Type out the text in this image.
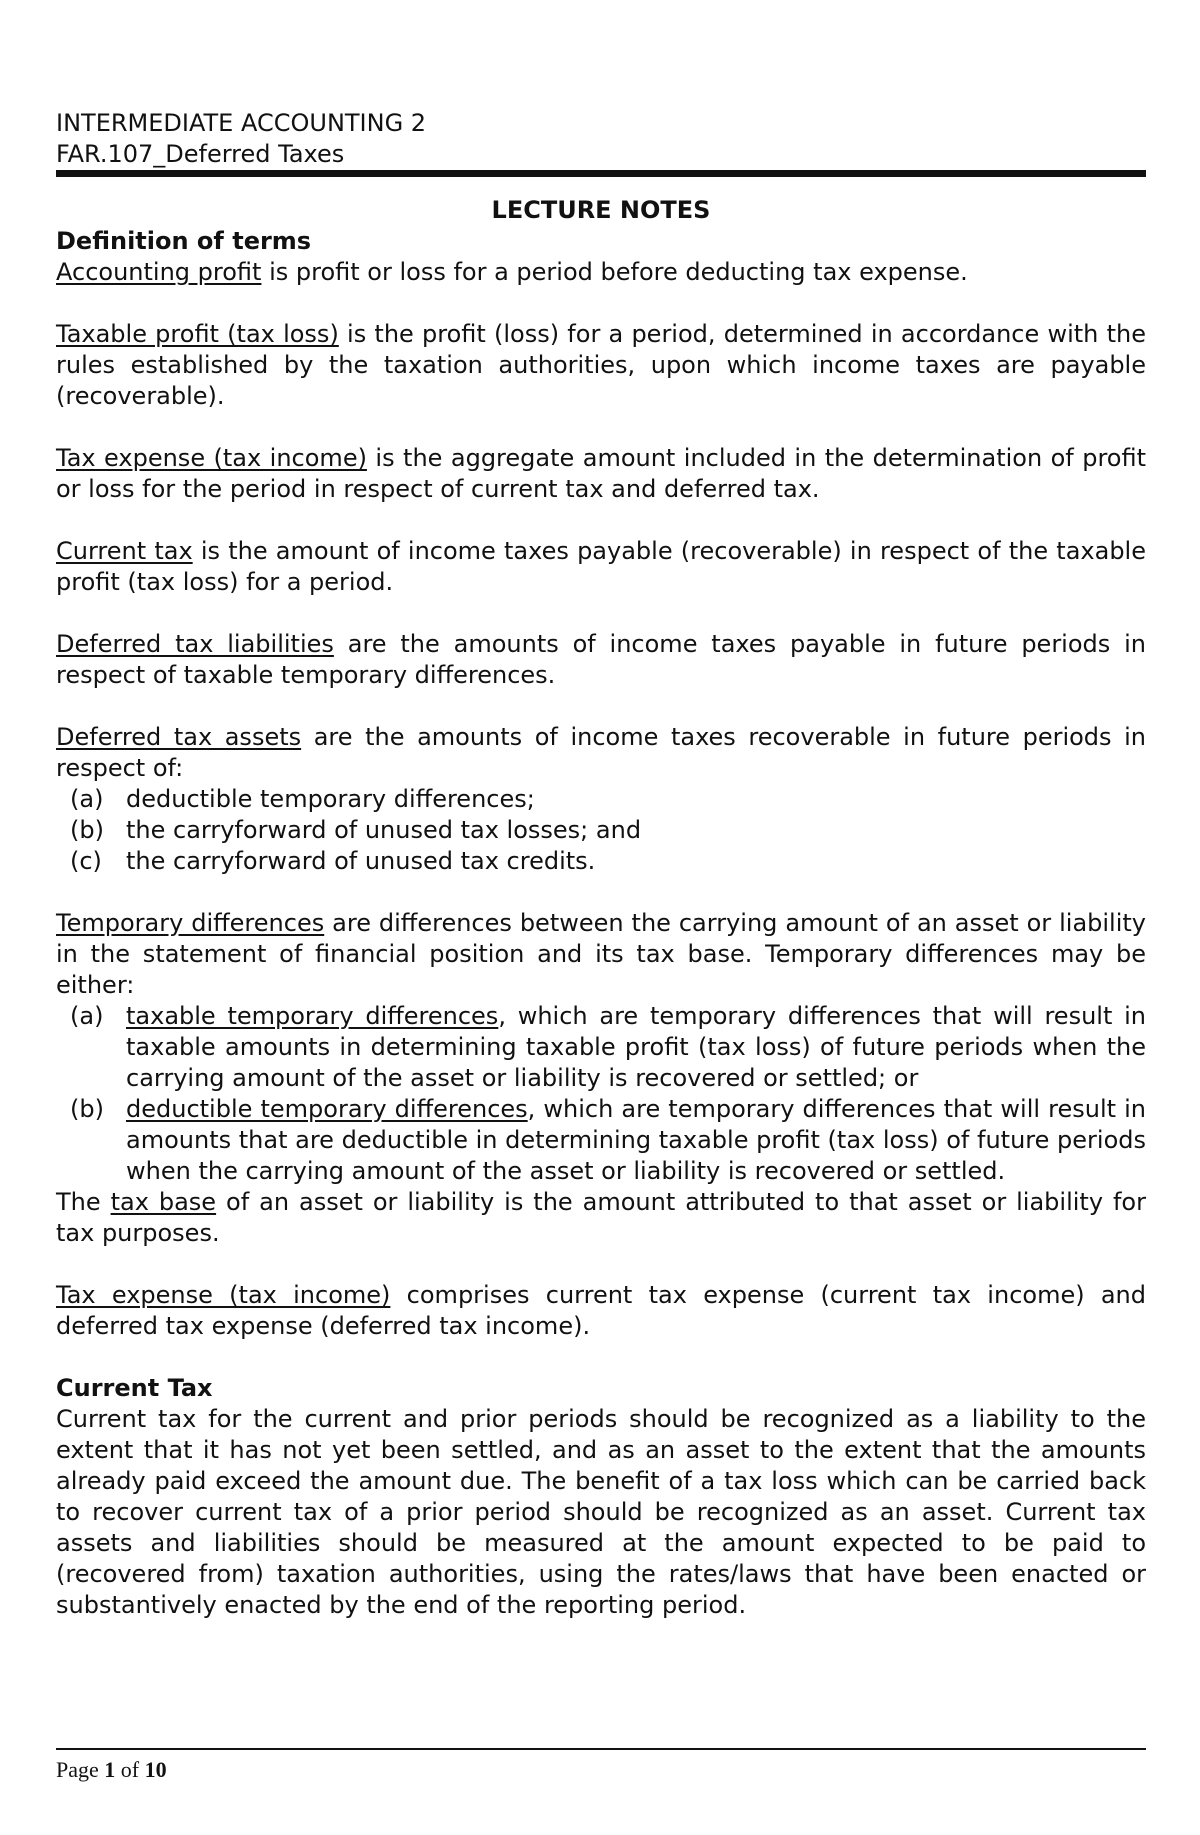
INTERMEDIATE ACCOUNTING 2
FAR.107_Deferred Taxes
LECTURE NOTES
Definition of terms

Accounting profit is profit or loss for a period before deducting tax expense.

Taxable profit (tax loss) is the profit (loss) for a period, determined in accordance with the rules established by the taxation authorities, upon which income taxes are payable (recoverable).

Tax expense (tax income) is the aggregate amount included in the determination of profit or loss for the period in respect of current tax and deferred tax.

Current tax is the amount of income taxes payable (recoverable) in respect of the taxable profit (tax loss) for a period.

Deferred tax liabilities are the amounts of income taxes payable in future periods in respect of taxable temporary differences.

Deferred tax assets are the amounts of income taxes recoverable in future periods in respect of:

(a) deductible temporary differences;
(b) the carryforward of unused tax losses; and
(c)	the carryforward of unused tax credits.

Temporary differences are differences between the carrying amount of an asset or liability in the statement of financial position and its tax base. Temporary differences may be either:

(a) taxable temporary differences, which are temporary differences that will result in taxable amounts in determining taxable profit (tax loss) of future periods when the carrying amount of the asset or liability is recovered or settled; or
(b) deductible temporary differences, which are temporary differences that will result in amounts that are deductible in determining taxable profit (tax loss) of future periods when the carrying amount of the asset or liability is recovered or settled.

The tax base of an asset or liability is the amount attributed to that asset or liability for tax purposes.

Tax expense (tax income) comprises current tax expense (current tax income) and deferred tax expense (deferred tax income).

Current Tax

Current tax for the current and prior periods should be recognized as a liability to the extent that it has not yet been settled, and as an asset to the extent that the amounts already paid exceed the amount due. The benefit of a tax loss which can be carried back to recover current tax of a prior period should be recognized as an asset. Current tax assets and liabilities should be measured at the amount expected to be paid to (recovered from) taxation authorities, using the rates/laws that have been enacted or substantively enacted by the end of the reporting period.

Page 1 of 10
